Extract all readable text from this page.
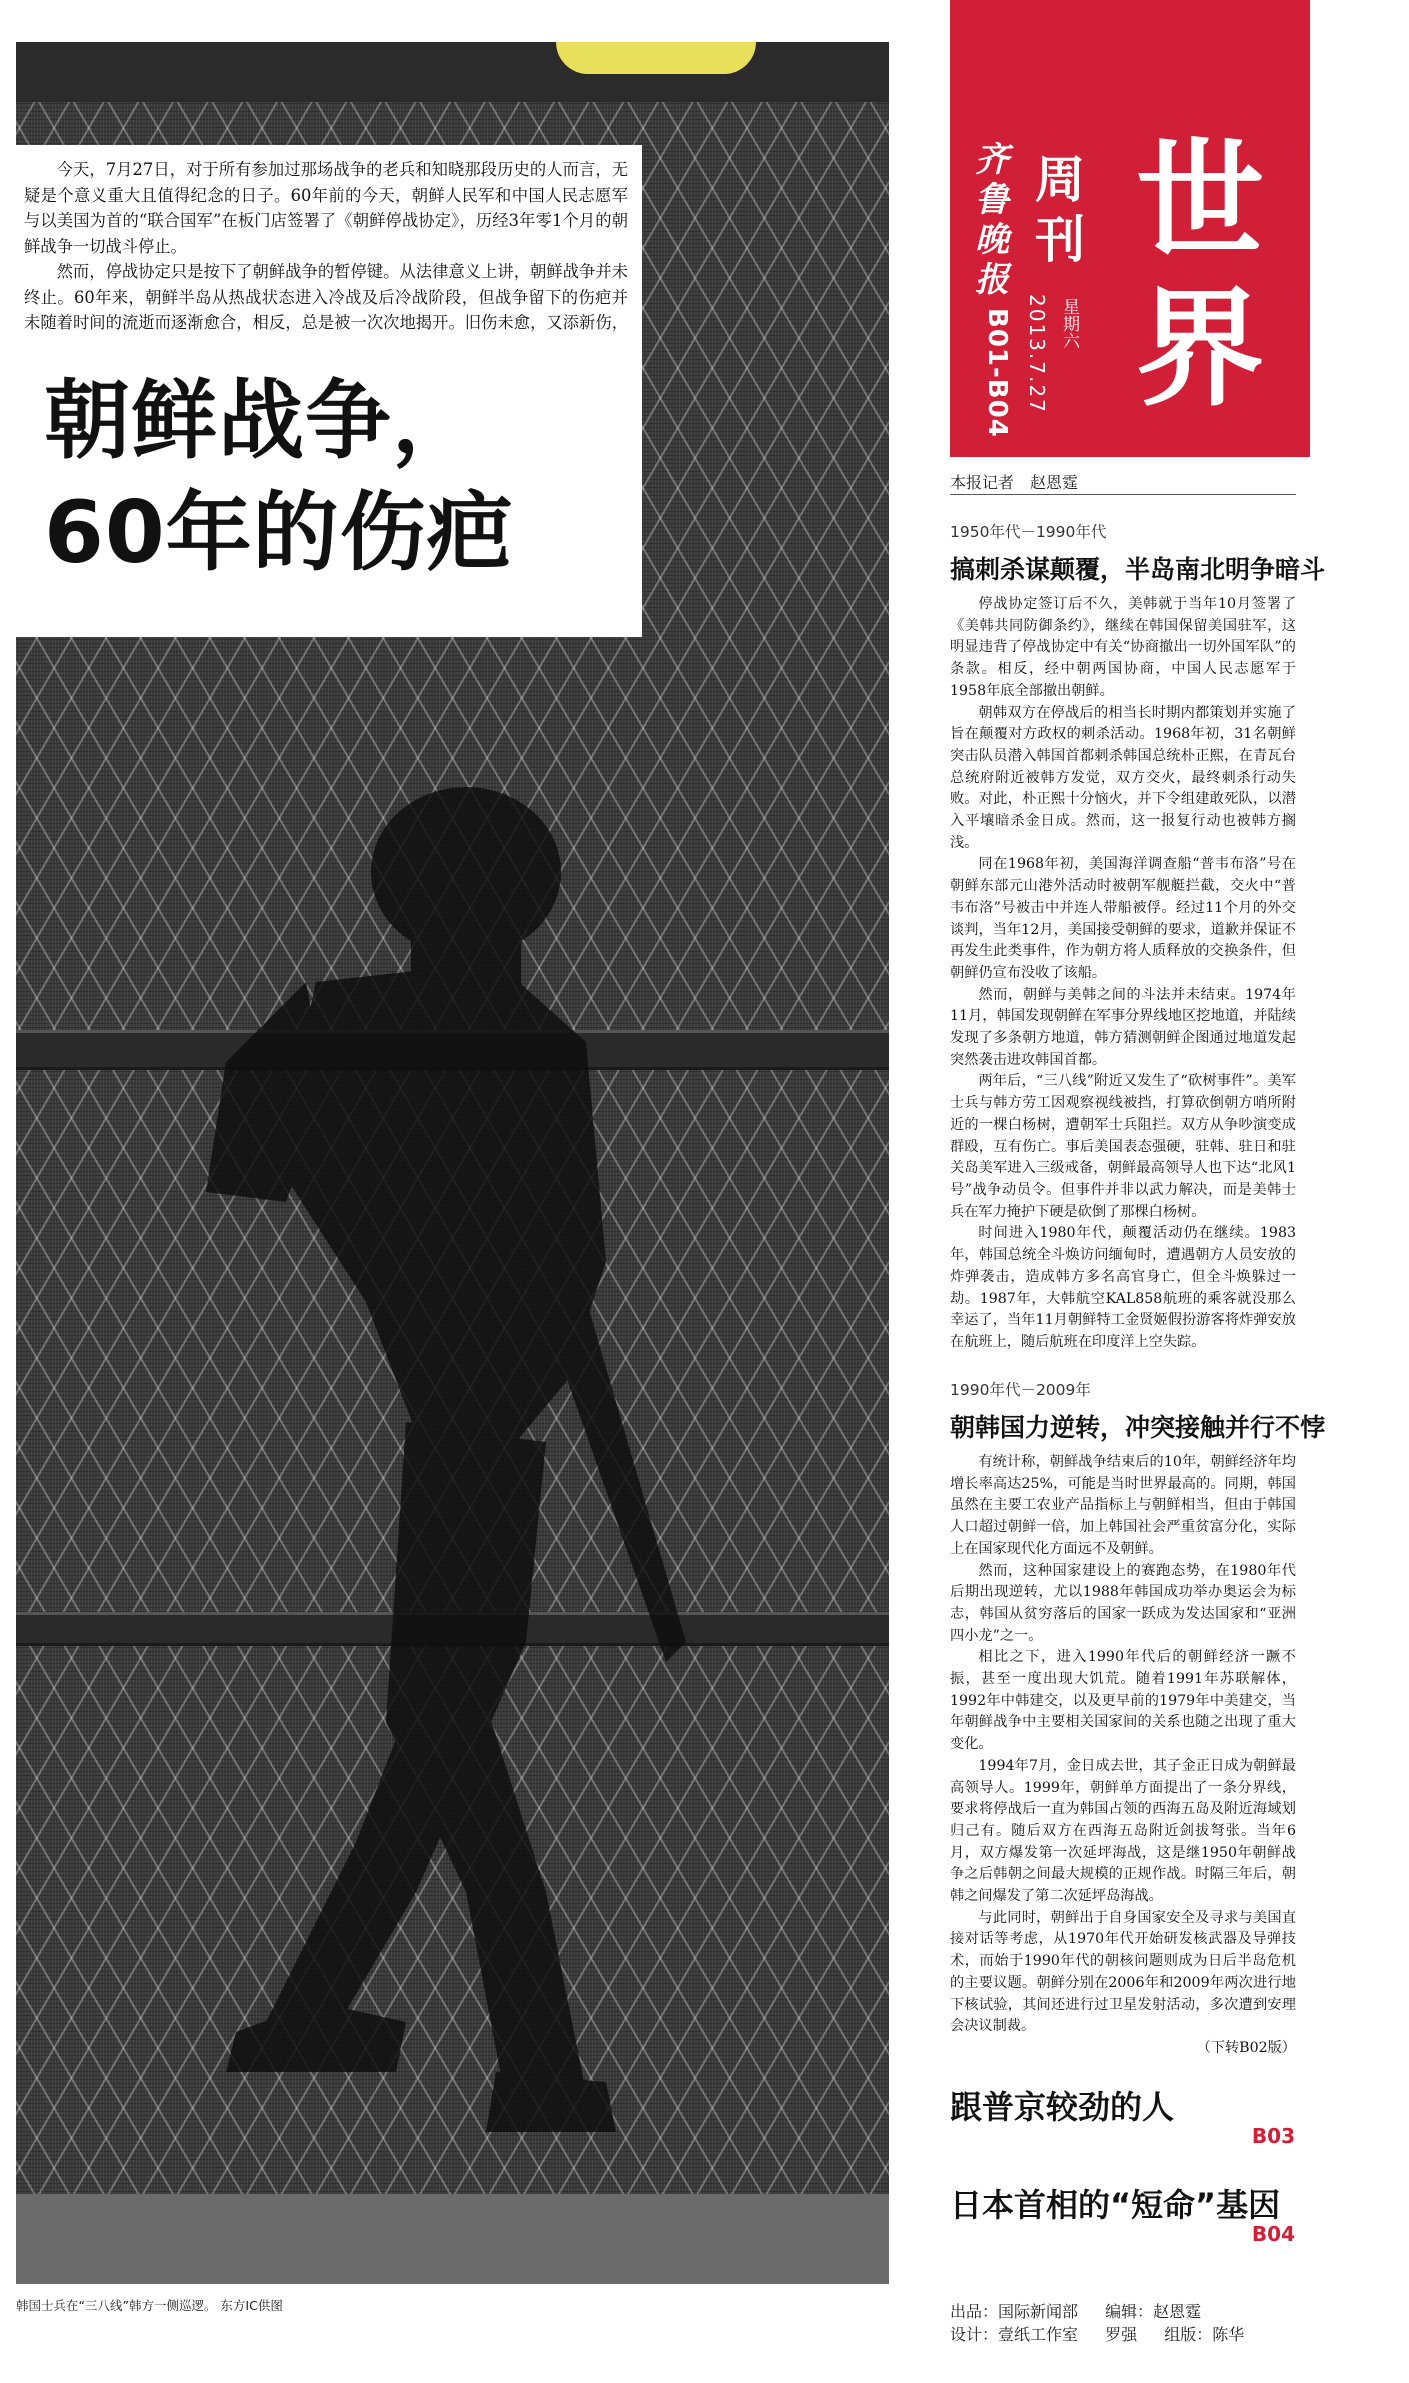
今天，7月27日，对于所有参加过那场战争的老兵和知晓那段历史的人而言，无疑是个意义重大且值得纪念的日子。60年前的今天，朝鲜人民军和中国人民志愿军与以美国为首的“联合国军”在板门店签署了《朝鲜停战协定》，历经3年零1个月的朝鲜战争一切战斗停止。

然而，停战协定只是按下了朝鲜战争的暂停键。从法律意义上讲，朝鲜战争并未终止。60年来，朝鲜半岛从热战状态进入冷战及后冷战阶段，但战争留下的伤疤并未随着时间的流逝而逐渐愈合，相反，总是被一次次地揭开。旧伤未愈，又添新伤，

朝鲜战争，
60年的伤疤
韩国士兵在“三八线”韩方一侧巡逻。 东方IC供图
齐鲁晚报
B01-B04
周刊
星期六
2013.7.27
世界
世界眼光看世界
本报记者　赵恩霆
1950年代－1990年代
搞刺杀谋颠覆，半岛南北明争暗斗

停战协定签订后不久，美韩就于当年10月签署了《美韩共同防御条约》，继续在韩国保留美国驻军，这明显违背了停战协定中有关“协商撤出一切外国军队”的条款。相反，经中朝两国协商，中国人民志愿军于1958年底全部撤出朝鲜。

朝韩双方在停战后的相当长时期内都策划并实施了旨在颠覆对方政权的刺杀活动。1968年初，31名朝鲜突击队员潜入韩国首都刺杀韩国总统朴正熙，在青瓦台总统府附近被韩方发觉，双方交火，最终刺杀行动失败。对此，朴正熙十分恼火，并下令组建敢死队，以潜入平壤暗杀金日成。然而，这一报复行动也被韩方搁浅。

同在1968年初，美国海洋调查船“普韦布洛”号在朝鲜东部元山港外活动时被朝军舰艇拦截，交火中“普韦布洛”号被击中并连人带船被俘。经过11个月的外交谈判，当年12月，美国接受朝鲜的要求，道歉并保证不再发生此类事件，作为朝方将人质释放的交换条件，但朝鲜仍宣布没收了该船。

然而，朝鲜与美韩之间的斗法并未结束。1974年11月，韩国发现朝鲜在军事分界线地区挖地道，并陆续发现了多条朝方地道，韩方猜测朝鲜企图通过地道发起突然袭击进攻韩国首都。

两年后，“三八线”附近又发生了“砍树事件”。美军士兵与韩方劳工因观察视线被挡，打算砍倒朝方哨所附近的一棵白杨树，遭朝军士兵阻拦。双方从争吵演变成群殴，互有伤亡。事后美国表态强硬，驻韩、驻日和驻关岛美军进入三级戒备，朝鲜最高领导人也下达“北风1号”战争动员令。但事件并非以武力解决，而是美韩士兵在军力掩护下硬是砍倒了那棵白杨树。

时间进入1980年代，颠覆活动仍在继续。1983年，韩国总统全斗焕访问缅甸时，遭遇朝方人员安放的炸弹袭击，造成韩方多名高官身亡，但全斗焕躲过一劫。1987年，大韩航空KAL858航班的乘客就没那么幸运了，当年11月朝鲜特工金贤姬假扮游客将炸弹安放在航班上，随后航班在印度洋上空失踪。

1990年代－2009年
朝韩国力逆转，冲突接触并行不悖

有统计称，朝鲜战争结束后的10年，朝鲜经济年均增长率高达25%，可能是当时世界最高的。同期，韩国虽然在主要工农业产品指标上与朝鲜相当，但由于韩国人口超过朝鲜一倍，加上韩国社会严重贫富分化，实际上在国家现代化方面远不及朝鲜。

然而，这种国家建设上的赛跑态势，在1980年代后期出现逆转，尤以1988年韩国成功举办奥运会为标志，韩国从贫穷落后的国家一跃成为发达国家和“亚洲四小龙”之一。

相比之下，进入1990年代后的朝鲜经济一蹶不振，甚至一度出现大饥荒。随着1991年苏联解体，1992年中韩建交，以及更早前的1979年中美建交，当年朝鲜战争中主要相关国家间的关系也随之出现了重大变化。

1994年7月，金日成去世，其子金正日成为朝鲜最高领导人。1999年，朝鲜单方面提出了一条分界线，要求将停战后一直为韩国占领的西海五岛及附近海域划归己有。随后双方在西海五岛附近剑拔弩张。当年6月，双方爆发第一次延坪海战，这是继1950年朝鲜战争之后韩朝之间最大规模的正规作战。时隔三年后，朝韩之间爆发了第二次延坪岛海战。

与此同时，朝鲜出于自身国家安全及寻求与美国直接对话等考虑，从1970年代开始研发核武器及导弹技术，而始于1990年代的朝核问题则成为日后半岛危机的主要议题。朝鲜分别在2006年和2009年两次进行地下核试验，其间还进行过卫星发射活动，多次遭到安理会决议制裁。

（下转B02版）

跟普京较劲的人
B03
日本首相的“短命”基因
B04
出品：国际新闻部 编辑：赵恩霆
设计：壹纸工作室 罗强 组版：陈华
